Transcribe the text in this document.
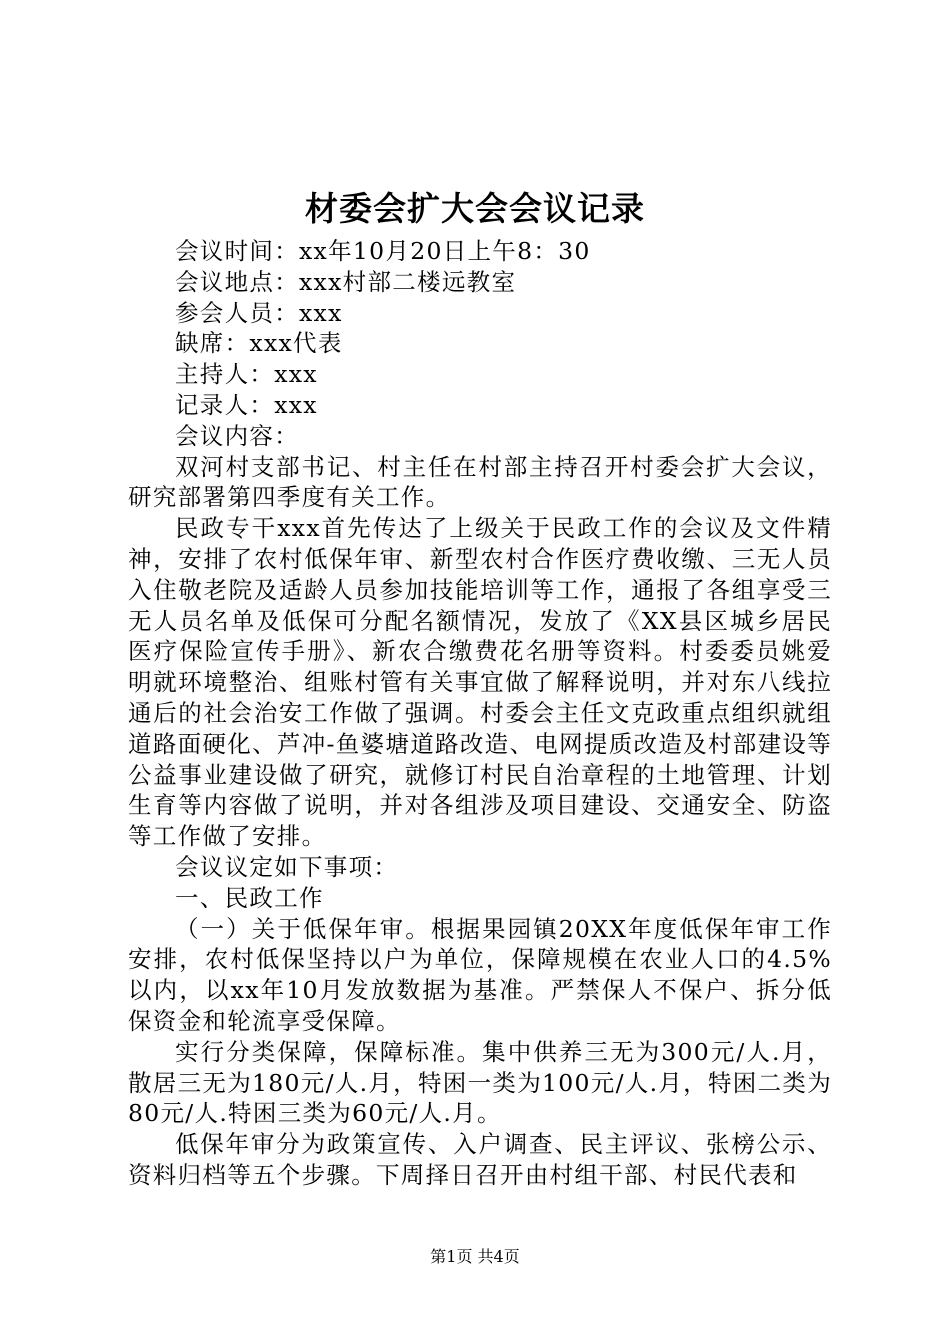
材委会扩大会会议记录

会议时间：xx年10月20日上午8：30

会议地点：xxx村部二楼远教室

参会人员：xxx

缺席：xxx代表

主持人：xxx

记录人：xxx

会议内容：

双河村支部书记、村主任在村部主持召开村委会扩大会议，研究部署第四季度有关工作。

民政专干xxx首先传达了上级关于民政工作的会议及文件精神，安排了农村低保年审、新型农村合作医疗费收缴、三无人员入住敬老院及适龄人员参加技能培训等工作，通报了各组享受三无人员名单及低保可分配名额情况，发放了《XX县区城乡居民医疗保险宣传手册》、新农合缴费花名册等资料。村委委员姚爱明就环境整治、组账村管有关事宜做了解释说明，并对东八线拉通后的社会治安工作做了强调。村委会主任文克政重点组织就组道路面硬化、芦冲-鱼婆塘道路改造、电网提质改造及村部建设等公益事业建设做了研究，就修订村民自治章程的土地管理、计划生育等内容做了说明，并对各组涉及项目建设、交通安全、防盗等工作做了安排。

会议议定如下事项：

一、民政工作

（一）关于低保年审。根据果园镇20XX年度低保年审工作安排，农村低保坚持以户为单位，保障规模在农业人口的4.5%以内，以xx年10月发放数据为基准。严禁保人不保户、拆分低保资金和轮流享受保障。

实行分类保障，保障标准。集中供养三无为300元/人.月，散居三无为180元/人.月，特困一类为100元/人.月，特困二类为80元/人.特困三类为60元/人.月。

低保年审分为政策宣传、入户调查、民主评议、张榜公示、资料归档等五个步骤。下周择日召开由村组干部、村民代表和

第1页 共4页
